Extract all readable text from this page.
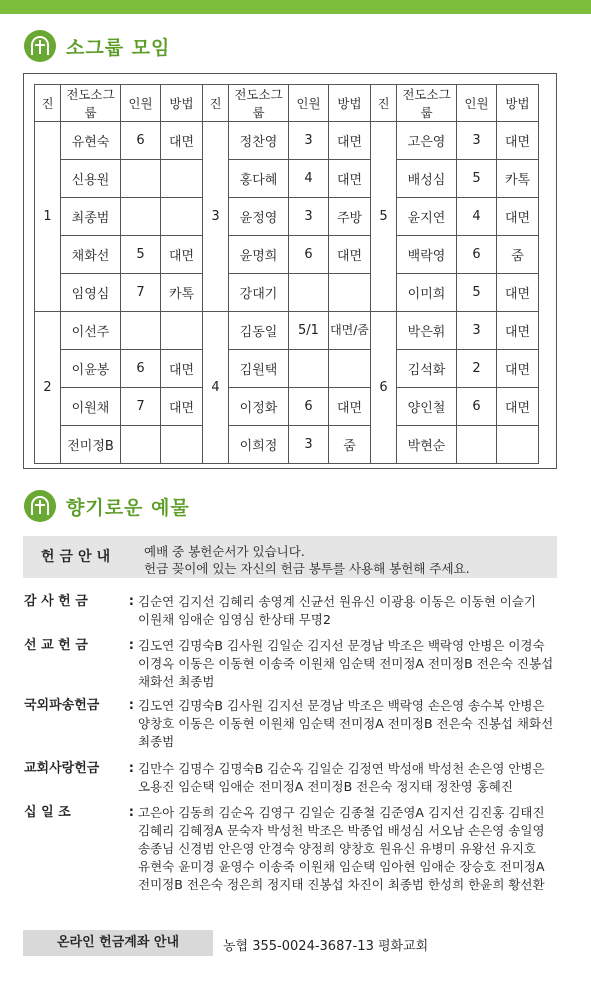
소그룹 모임
진	전도소그룹	인원	방법	진	전도소그룹	인원	방법	진	전도소그룹	인원	방법
1	유현숙	6	대면	3	정찬영	3	대면	5	고은영	3	대면
	신용원				홍다혜	4	대면		배성심	5	카톡
	최종범				윤정영	3	주방		윤지연	4	대면
	채화선	5	대면		윤명희	6	대면		백락영	6	줌
	임영심	7	카톡		강대기				이미희	5	대면
2	이선주			4	김동일	5/1	대면/줌	6	박은휘	3	대면
	이윤봉	6	대면		김원택				김석화	2	대면
	이원채	7	대면		이정화	6	대면		양인철	6	대면
	전미정B				이희정	3	줌		박현순		
향기로운 예물
헌금안내 예배 중 봉헌순서가 있습니다.
헌금 꽂이에 있는 자신의 헌금 봉투를 사용해 봉헌해 주세요.
감 사 헌 금	: 김순연 김지선 김혜리 송영계 신균선 원유신 이광용 이동은 이동현 이슬기 이원채 임애순 임영심 한상태 무명2
선 교 헌 금	: 김도연 김명숙B 김사원 김일순 김지선 문경남 박조은 백락영 안병은 이경숙 이경옥 이동은 이동현 이송죽 이원채 임순택 전미정A 전미정B 전은숙 진봉섭 채화선 최종범
국외파송헌금 : 김도연 김명숙B 김사원 김지선 문경남 박조은 백락영 손은영 송수복 안병은 양창호 이동은 이동현 이원채 임순택 전미정A 전미정B 전은숙 진봉섭 채화선 최종범
교회사랑헌금 : 김만수 김명수 김명숙B 김순옥 김일순 김정연 박성애 박성천 손은영 안병은 오용진 임순택 임애순 전미정A 전미정B 전은숙 정지태 정찬영 홍혜진
십 일 조	: 고은아 김동희 김순옥 김영구 김일순 김종철 김준영A 김지선 김진홍 김태진 김혜리 김혜정A 문숙자 박성천 박조은 박종업 배성심 서오남 손은영 송일영 송종님 신경범 안은영 안경숙 양정희 양창호 원유신 유병미 유왕선 유지호 유현숙 윤미경 윤영수 이송죽 이원채 임순택 임아현 임애순 장승호 전미정A 전미정B 전은숙 정은희 정지태 진봉섭 차진이 최종범 한성희 한윤희 황선환
온라인 헌금계좌 안내	농협 355-0024-3687-13 평화교회
